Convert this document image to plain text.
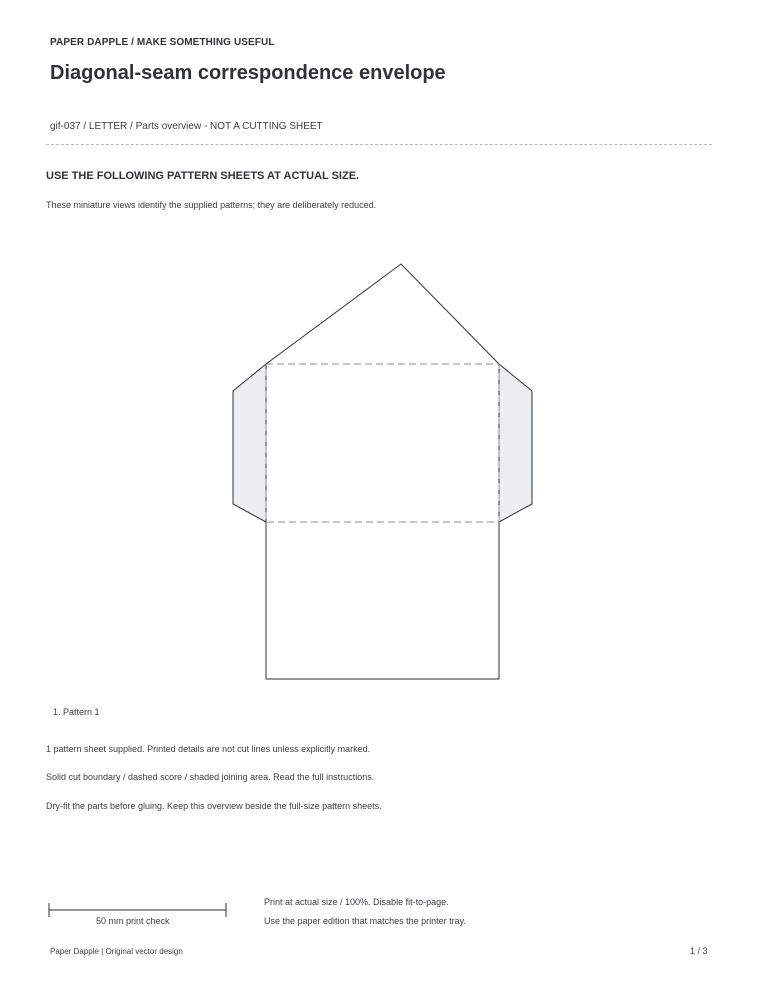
PAPER DAPPLE / MAKE SOMETHING USEFUL
Diagonal-seam correspondence envelope
gif-037 / LETTER / Parts overview - NOT A CUTTING SHEET
USE THE FOLLOWING PATTERN SHEETS AT ACTUAL SIZE.
These miniature views identify the supplied patterns; they are deliberately reduced.
1. Pattern 1
1 pattern sheet supplied. Printed details are not cut lines unless explicitly marked.
Solid cut boundary / dashed score / shaded joining area. Read the full instructions.
Dry-fit the parts before gluing. Keep this overview beside the full-size pattern sheets.
50 mm print check
Print at actual size / 100%. Disable fit-to-page.
Use the paper edition that matches the printer tray.
Paper Dapple | Original vector design	1 / 3
